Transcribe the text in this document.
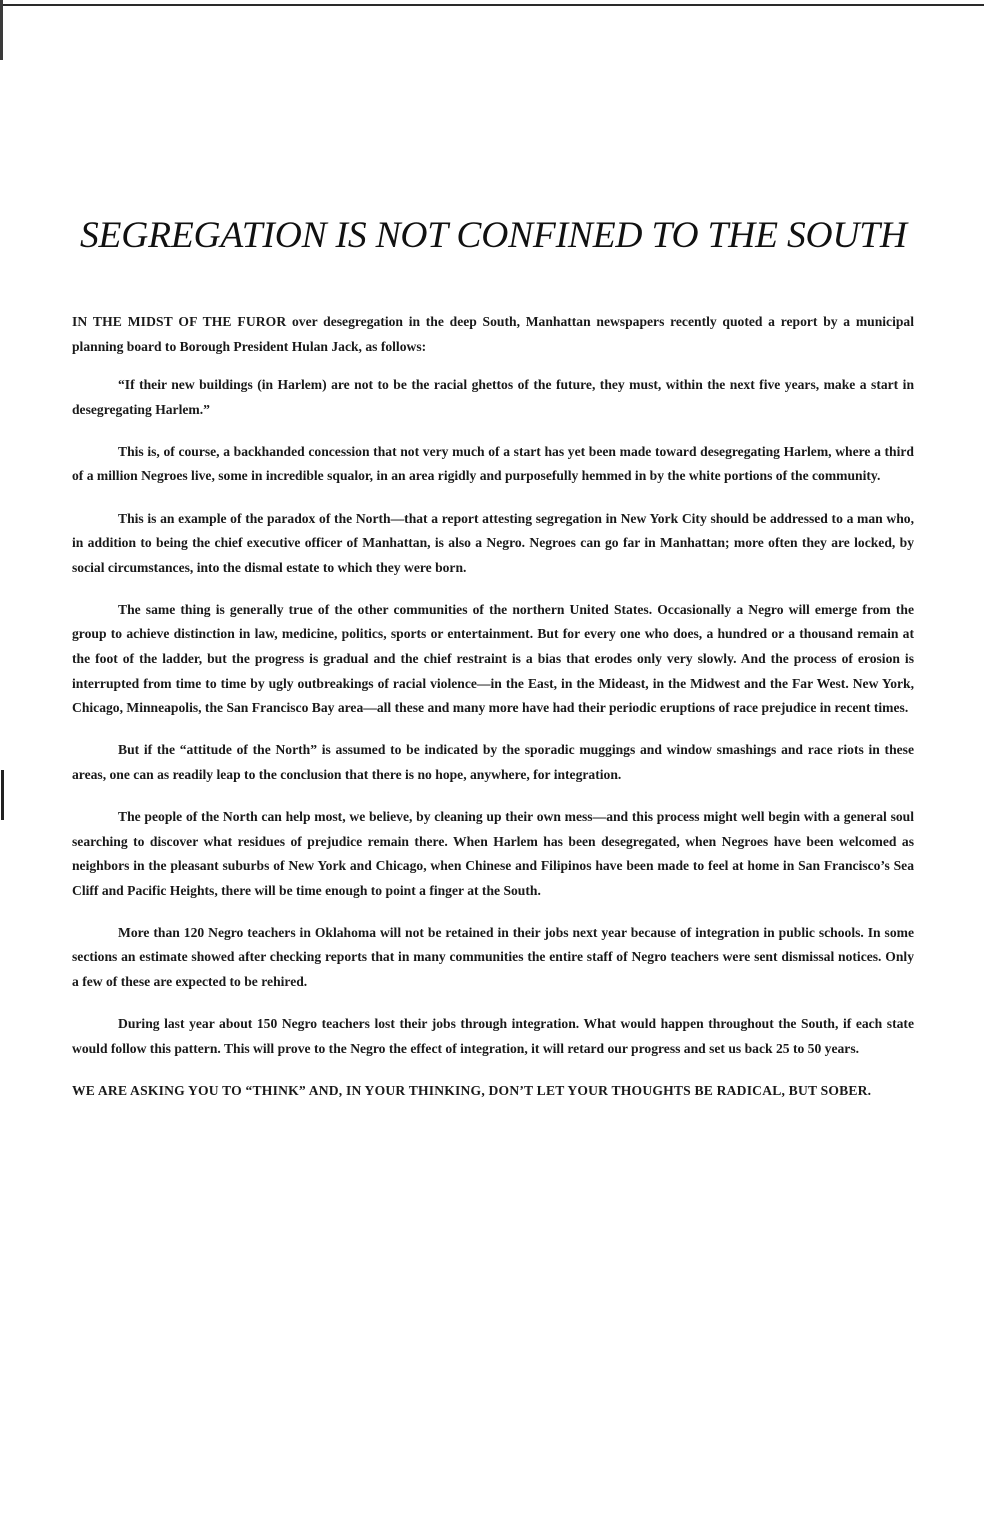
SEGREGATION IS NOT CONFINED TO THE SOUTH

IN THE MIDST OF THE FUROR over desegregation in the deep South, Manhattan newspapers recently quoted a report by a municipal planning board to Borough President Hulan Jack, as follows:

“If their new buildings (in Harlem) are not to be the racial ghettos of the future, they must, within the next five years, make a start in desegregating Harlem.”

This is, of course, a backhanded concession that not very much of a start has yet been made toward desegregating Harlem, where a third of a million Negroes live, some in incredible squalor, in an area rigidly and purposefully hemmed in by the white portions of the community.

This is an example of the paradox of the North—that a report attesting segregation in New York City should be addressed to a man who, in addition to being the chief executive officer of Manhattan, is also a Negro. Negroes can go far in Manhattan; more often they are locked, by social circumstances, into the dismal estate to which they were born.

The same thing is generally true of the other communities of the northern United States. Occasionally a Negro will emerge from the group to achieve distinction in law, medicine, politics, sports or entertainment. But for every one who does, a hundred or a thousand remain at the foot of the ladder, but the progress is gradual and the chief restraint is a bias that erodes only very slowly. And the process of erosion is interrupted from time to time by ugly outbreakings of racial violence—in the East, in the Mideast, in the Midwest and the Far West. New York, Chicago, Minneapolis, the San Francisco Bay area—all these and many more have had their periodic eruptions of race prejudice in recent times.

But if the “attitude of the North” is assumed to be indicated by the sporadic muggings and window smashings and race riots in these areas, one can as readily leap to the conclusion that there is no hope, anywhere, for integration.

The people of the North can help most, we believe, by cleaning up their own mess—and this process might well begin with a general soul searching to discover what residues of prejudice remain there. When Harlem has been desegregated, when Negroes have been welcomed as neighbors in the pleasant suburbs of New York and Chicago, when Chinese and Filipinos have been made to feel at home in San Francisco’s Sea Cliff and Pacific Heights, there will be time enough to point a finger at the South.

More than 120 Negro teachers in Oklahoma will not be retained in their jobs next year because of integration in public schools. In some sections an estimate showed after checking reports that in many communities the entire staff of Negro teachers were sent dismissal notices. Only a few of these are expected to be rehired.

During last year about 150 Negro teachers lost their jobs through integration. What would happen throughout the South, if each state would follow this pattern. This will prove to the Negro the effect of integration, it will retard our progress and set us back 25 to 50 years.

WE ARE ASKING YOU TO “THINK” AND, IN YOUR THINKING, DON’T LET YOUR THOUGHTS BE RADICAL, BUT SOBER.
